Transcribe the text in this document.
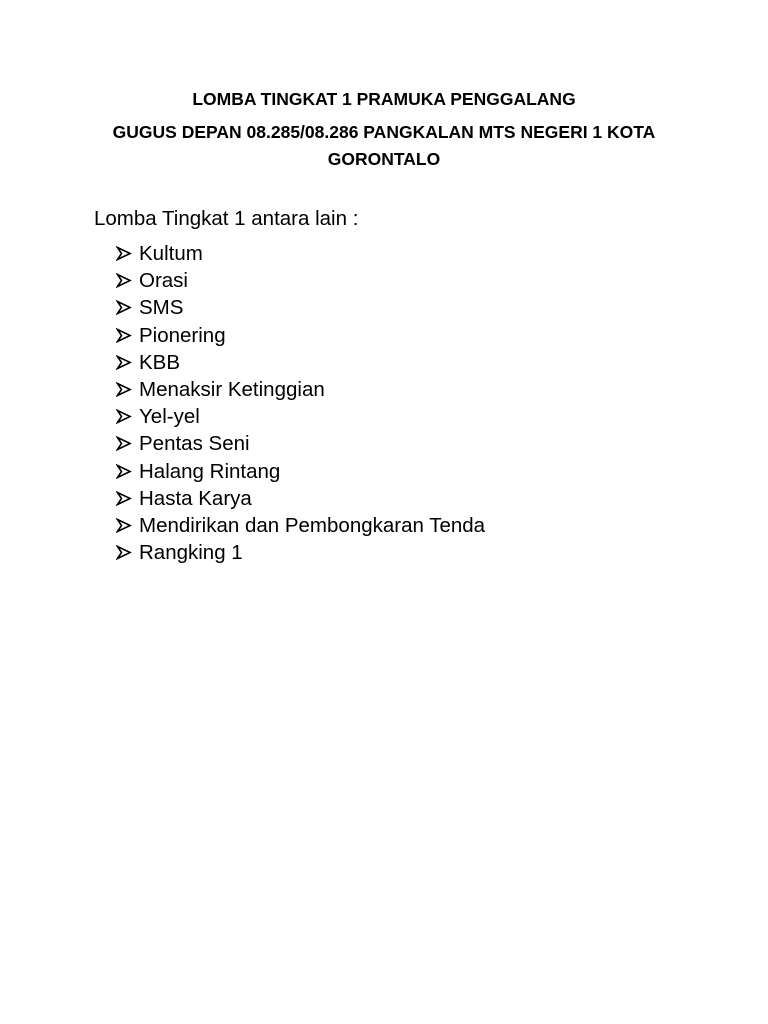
LOMBA TINGKAT 1 PRAMUKA PENGGALANG

GUGUS DEPAN 08.285/08.286 PANGKALAN MTS NEGERI 1 KOTA GORONTALO

Lomba Tingkat 1 antara lain :

Kultum
Orasi
SMS
Pionering
KBB
Menaksir Ketinggian
Yel-yel
Pentas Seni
Halang Rintang
Hasta Karya
Mendirikan dan Pembongkaran Tenda
Rangking 1
